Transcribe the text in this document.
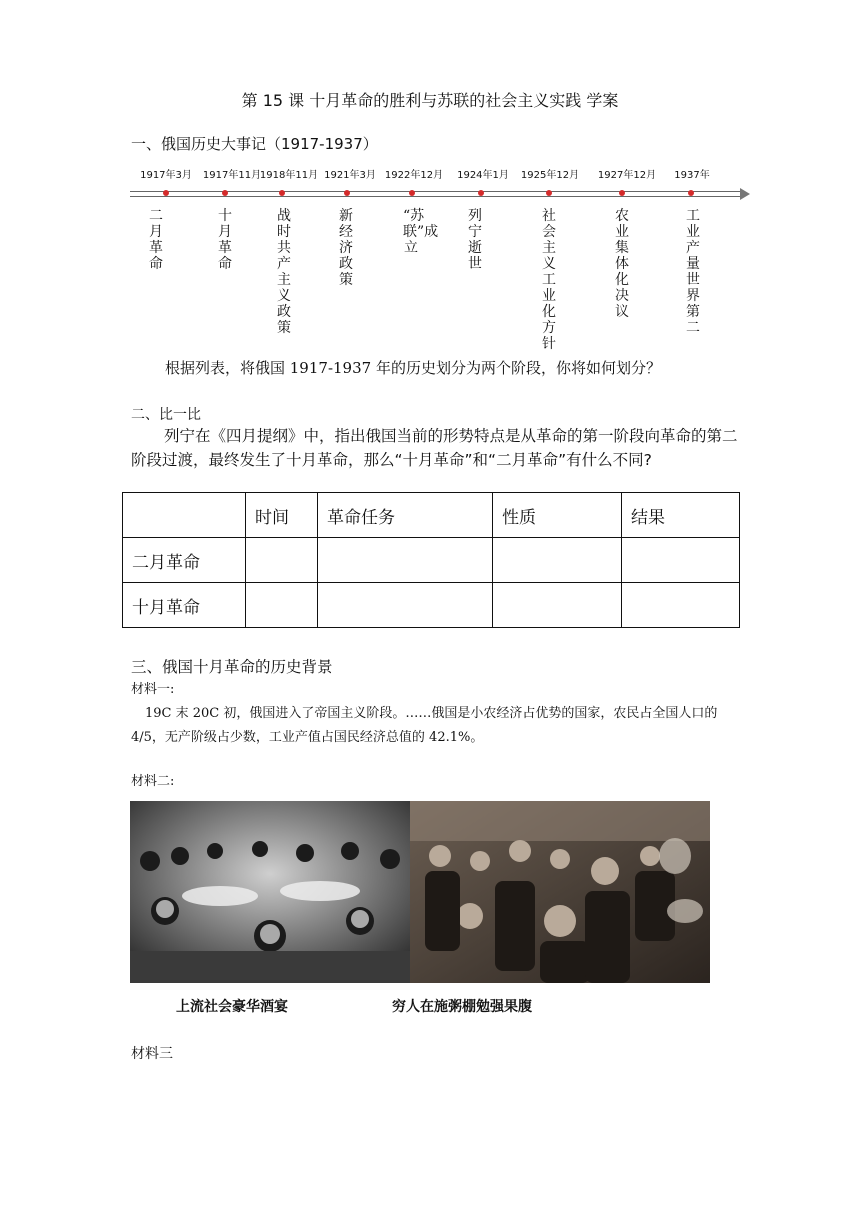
第 15 课 十月革命的胜利与苏联的社会主义实践 学案
一、俄国历史大事记（1917-1937）
1917年3月
二月革命
1917年11月
十月革命
1918年11月
战时共产主义政策
1921年3月
新经济政策
1922年12月
“苏联”成立
1924年1月
列宁逝世
1925年12月
社会主义工业化方针
1927年12月
农业集体化决议
1937年
工业产量世界第二
根据列表，将俄国 1917-1937 年的历史划分为两个阶段，你将如何划分？
二、比一比
列宁在《四月提纲》中，指出俄国当前的形势特点是从革命的第一阶段向革命的第二阶段过渡，最终发生了十月革命，那么“十月革命”和“二月革命”有什么不同?
	时间	革命任务	性质	结果
二月革命				
十月革命				
三、俄国十月革命的历史背景
材料一:
19C 末 20C 初，俄国进入了帝国主义阶段。……俄国是小农经济占优势的国家，农民占全国人口的 4/5，无产阶级占少数，工业产值占国民经济总值的 42.1%。
材料二:
上流社会豪华酒宴	穷人在施粥棚勉强果腹
材料三
